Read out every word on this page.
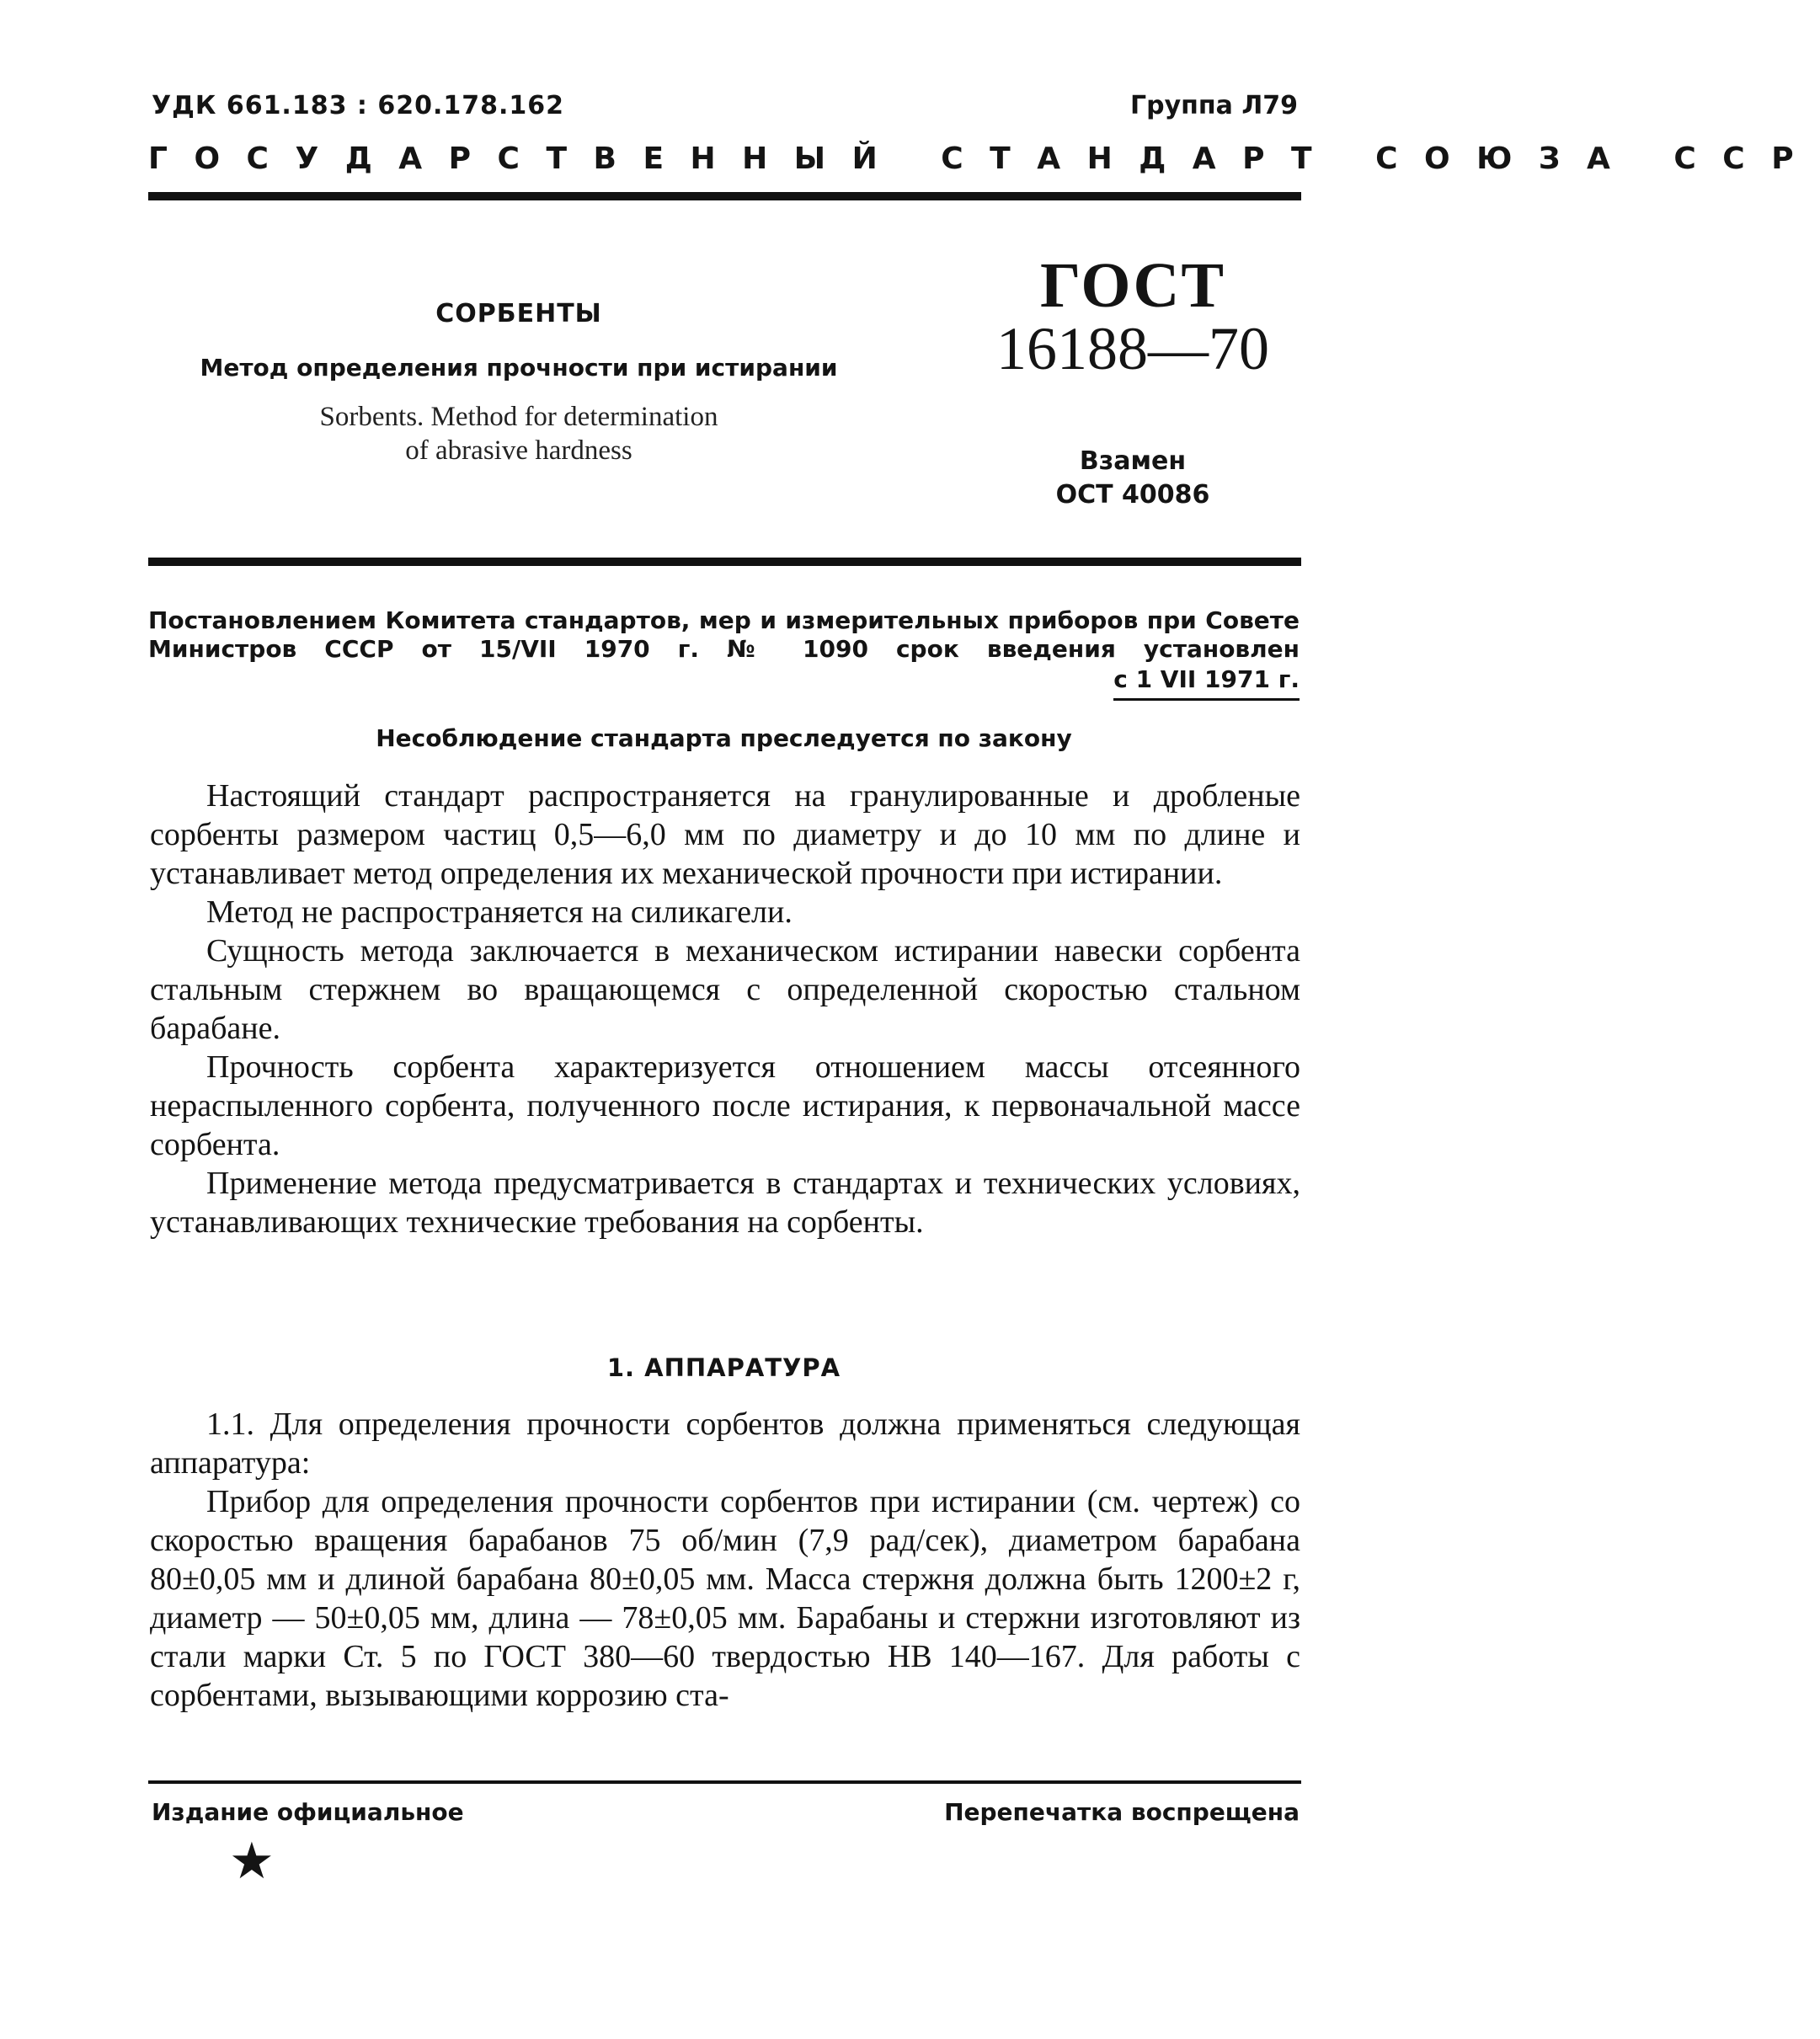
УДК 661.183 : 620.178.162	Группа Л79
ГОСУДАРСТВЕННЫЙ СТАНДАРТ СОЮЗА ССР
СОРБЕНТЫ
Метод определения прочности при истирании
Sorbents. Method for determination
of abrasive hardness
ГОСТ
16188—70
Взамен
ОСТ 40086
Постановлением Комитета стандартов, мер и измерительных приборов при Совете Министров СССР от 15/VII 1970 г. № 1090 срок введения установлен
с 1 VII 1971 г.
Несоблюдение стандарта преследуется по закону

Настоящий стандарт распространяется на гранулированные и дробленые сорбенты размером частиц 0,5—6,0 мм по диаметру и до 10 мм по длине и устанавливает метод определения их механической прочности при истирании.

Метод не распространяется на силикагели.

Сущность метода заключается в механическом истирании навески сорбента стальным стержнем во вращающемся с определенной скоростью стальном барабане.

Прочность сорбента характеризуется отношением массы отсеянного нераспыленного сорбента, полученного после истирания, к первоначальной массе сорбента.

Применение метода предусматривается в стандартах и технических условиях, устанавливающих технические требования на сорбенты.

1. АППАРАТУРА

1.1. Для определения прочности сорбентов должна применяться следующая аппаратура:

Прибор для определения прочности сорбентов при истирании (см. чертеж) со скоростью вращения барабанов 75 об/мин (7,9 рад/сек), диаметром барабана 80±0,05 мм и длиной барабана 80±0,05 мм. Масса стержня должна быть 1200±2 г, диаметр — 50±0,05 мм, длина — 78±0,05 мм. Барабаны и стержни изготовляют из стали марки Ст. 5 по ГОСТ 380—60 твердостью НВ 140—167. Для работы с сорбентами, вызывающими коррозию ста-

Издание официальное	Перепечатка воспрещена
★
